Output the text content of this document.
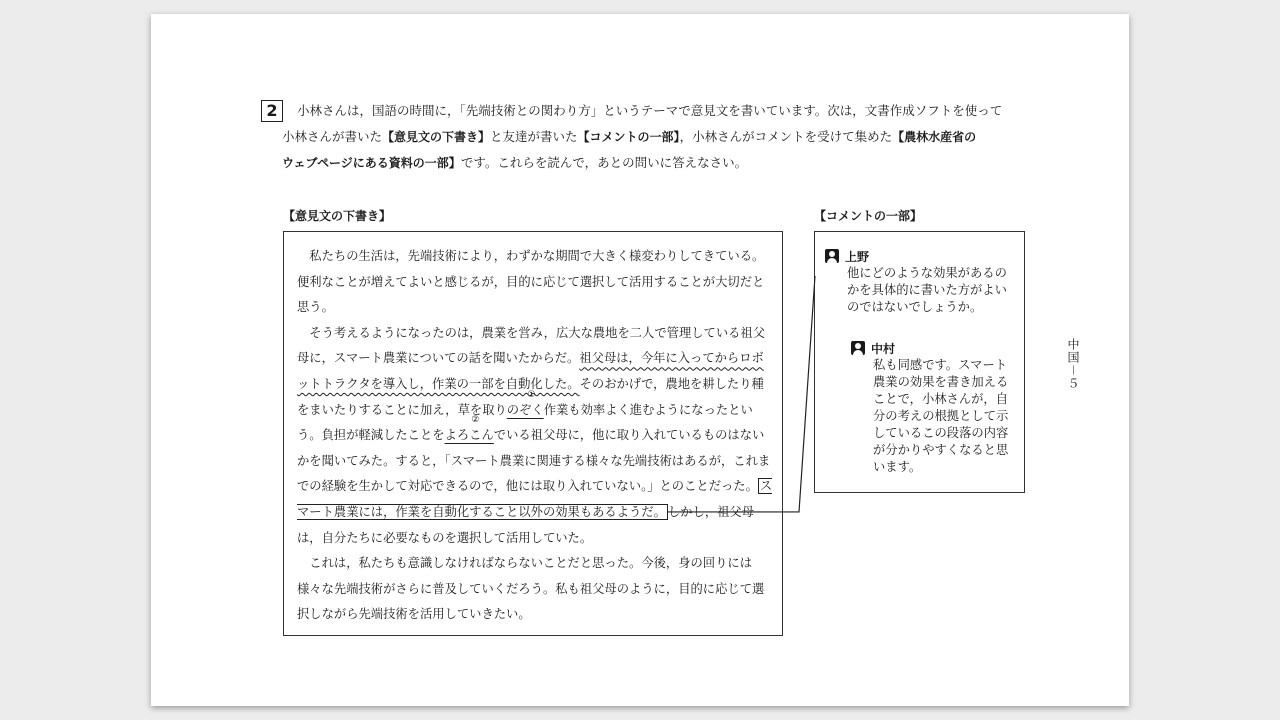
2	小林さんは，国語の時間に，「先端技術との関わり方」というテーマで意見文を書いています。次は，文書作成ソフトを使って
小林さんが書いた【意見文の下書き】と友達が書いた【コメントの一部】，小林さんがコメントを受けて集めた【農林水産省の
ウェブページにある資料の一部】です。これらを読んで，あとの問いに答えなさい。
【意見文の下書き】

私たちの生活は，先端技術により，わずかな期間で大きく様変わりしてきている。便利なことが増えてよいと感じるが，目的に応じて選択して活用することが大切だと思う。

そう考えるようになったのは，農業を営み，広大な農地を二人で管理している祖父母に，スマート農業についての話を聞いたからだ。祖父母は，今年に入ってからロボットトラクタを導入し，作業の一部を自動化した。そのおかげで，農地を耕したり種をまいたりすることに加え，草を取りのぞく
①
作業も効率よく進むようになったという。負担が軽減したことをよろこん
②
でいる祖父母に，他に取り入れているものはないかを聞いてみた。すると，「スマート農業に関連する様々な先端技術はあるが，これまでの経験を生かして対応できるので，他には取り入れていない。」とのことだった。 スマート農業には，作業を自動化すること以外の効果もあるようだ。 しかし，祖父母は，自分たちに必要なものを選択して活用していた。

これは，私たちも意識しなければならないことだと思った。今後，身の回りには様々な先端技術がさらに普及していくだろう。私も祖父母のように，目的に応じて選択しながら先端技術を活用していきたい。

【コメントの一部】
上野
他にどのような効果があるの
かを具体的に書いた方がよい
のではないでしょうか。
中村
私も同感です。スマート
農業の効果を書き加える
ことで，小林さんが，自
分の考えの根拠として示
しているこの段落の内容
が分かりやすくなると思
います。
中国－５
